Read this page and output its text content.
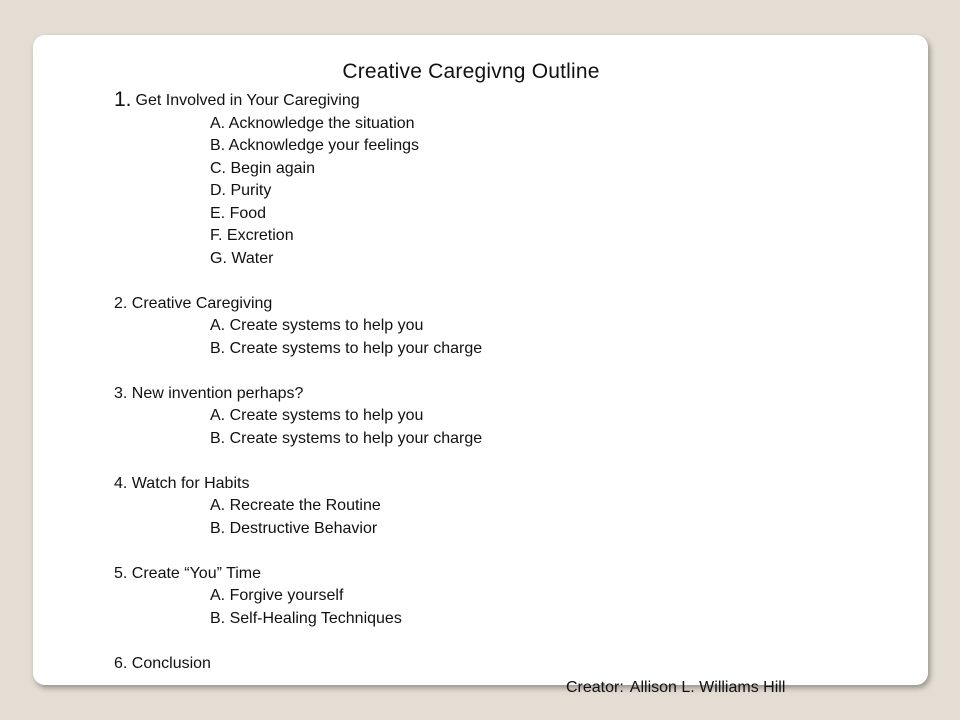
Creative Caregivng Outline
1. Get Involved in Your Caregiving
A. Acknowledge the situation
B. Acknowledge your feelings
C. Begin again
D. Purity
E. Food
F. Excretion
G. Water
2. Creative Caregiving
A. Create systems to help you
B. Create systems to help your charge
3. New invention perhaps?
A. Create systems to help you
B. Create systems to help your charge
4. Watch for Habits
A. Recreate the Routine
B. Destructive Behavior
5. Create “You” Time
A. Forgive yourself
B. Self-Healing Techniques
6. Conclusion
Creator: Allison L. Williams Hill
